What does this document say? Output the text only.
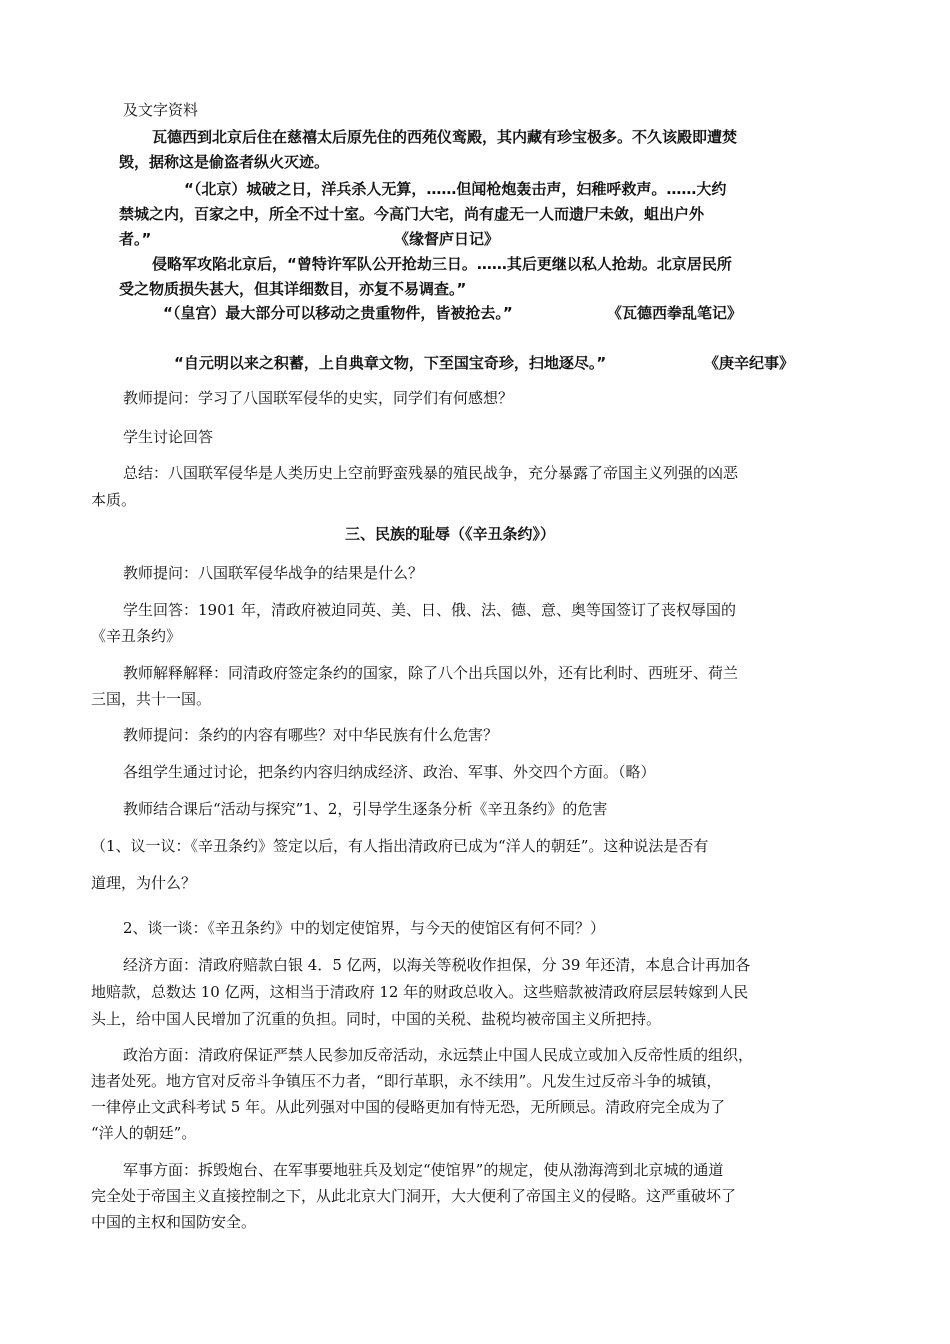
及文字资料

瓦德西到北京后住在慈禧太后原先住的西苑仪鸾殿，其内藏有珍宝极多。不久该殿即遭焚

毁，据称这是偷盗者纵火灭迹。

“（北京）城破之日，洋兵杀人无算，……但闻枪炮轰击声，妇稚呼救声。……大约

禁城之内，百家之中，所全不过十室。今高门大宅，尚有虚无一人而遗尸未敛，蛆出户外

者。”	《缘督庐日记》

侵略军攻陷北京后，“曾特许军队公开抢劫三日。……其后更继以私人抢劫。北京居民所

受之物质损失甚大，但其详细数目，亦复不易调查。”

“（皇宫）最大部分可以移动之贵重物件，皆被抢去。”	《瓦德西拳乱笔记》

“自元明以来之积蓄，上自典章文物，下至国宝奇珍，扫地逐尽。”	《庚辛纪事》

教师提问：学习了八国联军侵华的史实，同学们有何感想？

学生讨论回答

总结：八国联军侵华是人类历史上空前野蛮残暴的殖民战争，充分暴露了帝国主义列强的凶恶

本质。

三、民族的耻辱（《辛丑条约》）

教师提问：八国联军侵华战争的结果是什么？

学生回答：1901 年，清政府被迫同英、美、日、俄、法、德、意、奥等国签订了丧权辱国的

《辛丑条约》

教师解释解释：同清政府签定条约的国家，除了八个出兵国以外，还有比利时、西班牙、荷兰

三国，共十一国。

教师提问：条约的内容有哪些？对中华民族有什么危害？

各组学生通过讨论，把条约内容归纳成经济、政治、军事、外交四个方面。（略）

教师结合课后“活动与探究”1、2，引导学生逐条分析《辛丑条约》的危害

（1、议一议：《辛丑条约》签定以后，有人指出清政府已成为“洋人的朝廷”。这种说法是否有

道理，为什么？

2、谈一谈：《辛丑条约》中的划定使馆界，与今天的使馆区有何不同？）

经济方面：清政府赔款白银 4．5 亿两，以海关等税收作担保，分 39 年还清，本息合计再加各

地赔款，总数达 10 亿两，这相当于清政府 12 年的财政总收入。这些赔款被清政府层层转嫁到人民

头上，给中国人民增加了沉重的负担。同时，中国的关税、盐税均被帝国主义所把持。

政治方面：清政府保证严禁人民参加反帝活动，永远禁止中国人民成立或加入反帝性质的组织，

违者处死。地方官对反帝斗争镇压不力者，“即行革职，永不续用”。凡发生过反帝斗争的城镇，

一律停止文武科考试 5 年。从此列强对中国的侵略更加有恃无恐，无所顾忌。清政府完全成为了

“洋人的朝廷”。

军事方面：拆毁炮台、在军事要地驻兵及划定“使馆界”的规定，使从渤海湾到北京城的通道

完全处于帝国主义直接控制之下，从此北京大门洞开，大大便利了帝国主义的侵略。这严重破坏了

中国的主权和国防安全。
